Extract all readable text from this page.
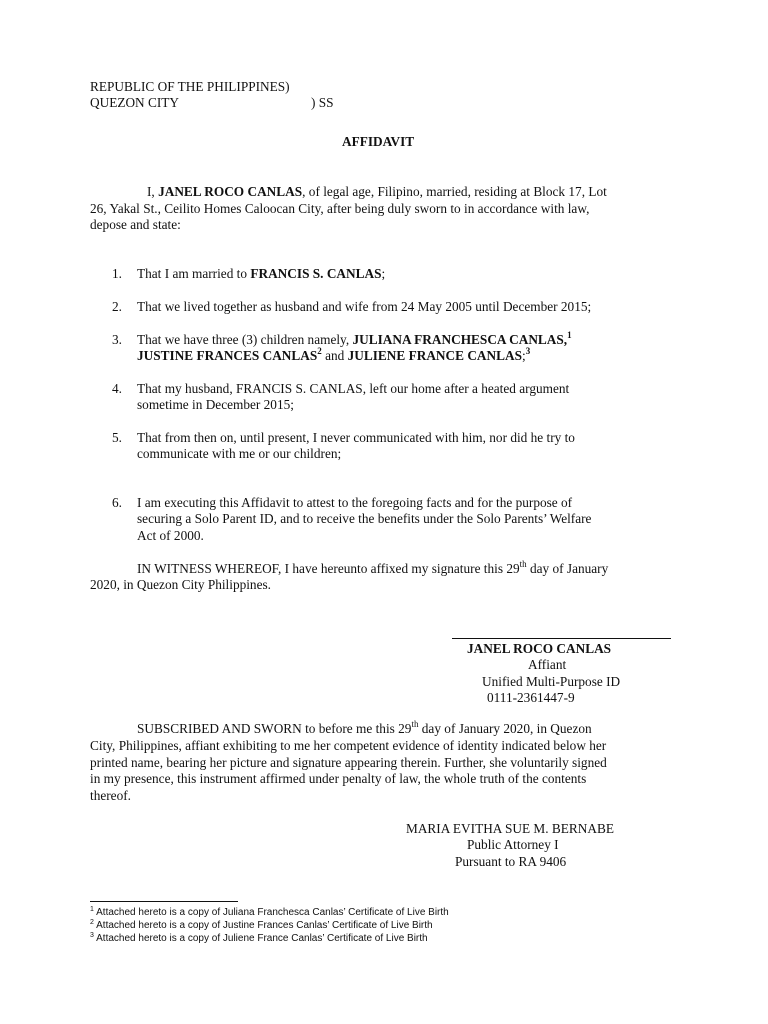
REPUBLIC OF THE PHILIPPINES)
QUEZON CITY	) SS
AFFIDAVIT
I, JANEL ROCO CANLAS, of legal age, Filipino, married, residing at Block 17, Lot
26, Yakal St., Ceilito Homes Caloocan City, after being duly sworn to in accordance with law,
depose and state:
1. That I am married to FRANCIS S. CANLAS;
2. That we lived together as husband and wife from 24 May 2005 until December 2015;
3. That we have three (3) children namely, JULIANA FRANCHESCA CANLAS,$^1$
JUSTINE FRANCES CANLAS$^2$ and JULIENE FRANCE CANLAS;$^3$
4. That my husband, FRANCIS S. CANLAS, left our home after a heated argument
sometime in December 2015;
5. That from then on, until present, I never communicated with him, nor did he try to
communicate with me or our children;
6. I am executing this Affidavit to attest to the foregoing facts and for the purpose of
securing a Solo Parent ID, and to receive the benefits under the Solo Parents’ Welfare
Act of 2000.
IN WITNESS WHEREOF, I have hereunto affixed my signature this 29th day of January
2020, in Quezon City Philippines.
JANEL ROCO CANLAS
Affiant
Unified Multi-Purpose ID
0111-2361447-9
SUBSCRIBED AND SWORN to before me this 29th day of January 2020, in Quezon
City, Philippines, affiant exhibiting to me her competent evidence of identity indicated below her
printed name, bearing her picture and signature appearing therein. Further, she voluntarily signed
in my presence, this instrument affirmed under penalty of law, the whole truth of the contents
thereof.
MARIA EVITHA SUE M. BERNABE
Public Attorney I
Pursuant to RA 9406
$^1$ Attached hereto is a copy of Juliana Franchesca Canlas’ Certificate of Live Birth
$^2$ Attached hereto is a copy of Justine Frances Canlas’ Certificate of Live Birth
$^3$ Attached hereto is a copy of Juliene France Canlas’ Certificate of Live Birth
